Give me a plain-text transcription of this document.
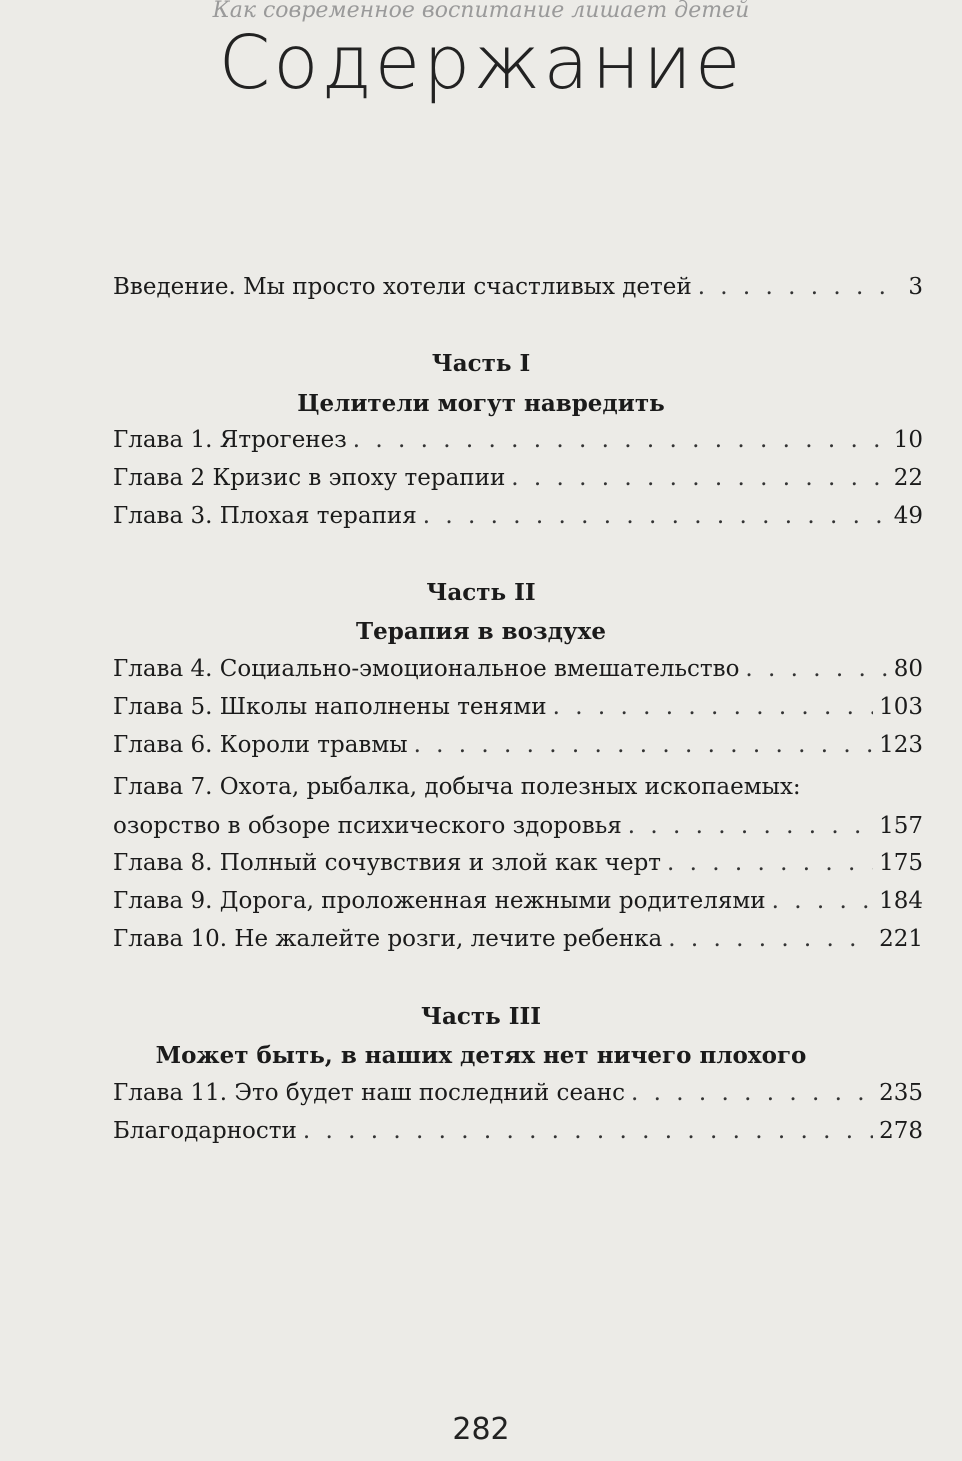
Как современное воспитание лишает детей
Содержание
Введение. Мы просто хотели счастливых детей . . .	3
Часть I
Целители могут навредить
Глава 1. Ятрогенез . . .	10
Глава 2 Кризис в эпоху терапии . . .	22
Глава 3. Плохая терапия . . .	49
Часть II
Терапия в воздухе
Глава 4. Социально-эмоциональное вмешательство . . .	80
Глава 5. Школы наполнены тенями . . .	103
Глава 6. Короли травмы . . .	123
Глава 7. Охота, рыбалка, добыча полезных ископаемых:
озорство в обзоре психического здоровья . . .	157
Глава 8. Полный сочувствия и злой как черт . . .	175
Глава 9. Дорога, проложенная нежными родителями . . .	184
Глава 10. Не жалейте розги, лечите ребенка . . .	221
Часть III
Может быть, в наших детях нет ничего плохого
Глава 11. Это будет наш последний сеанс . . .	235
Благодарности . . .	278
282
